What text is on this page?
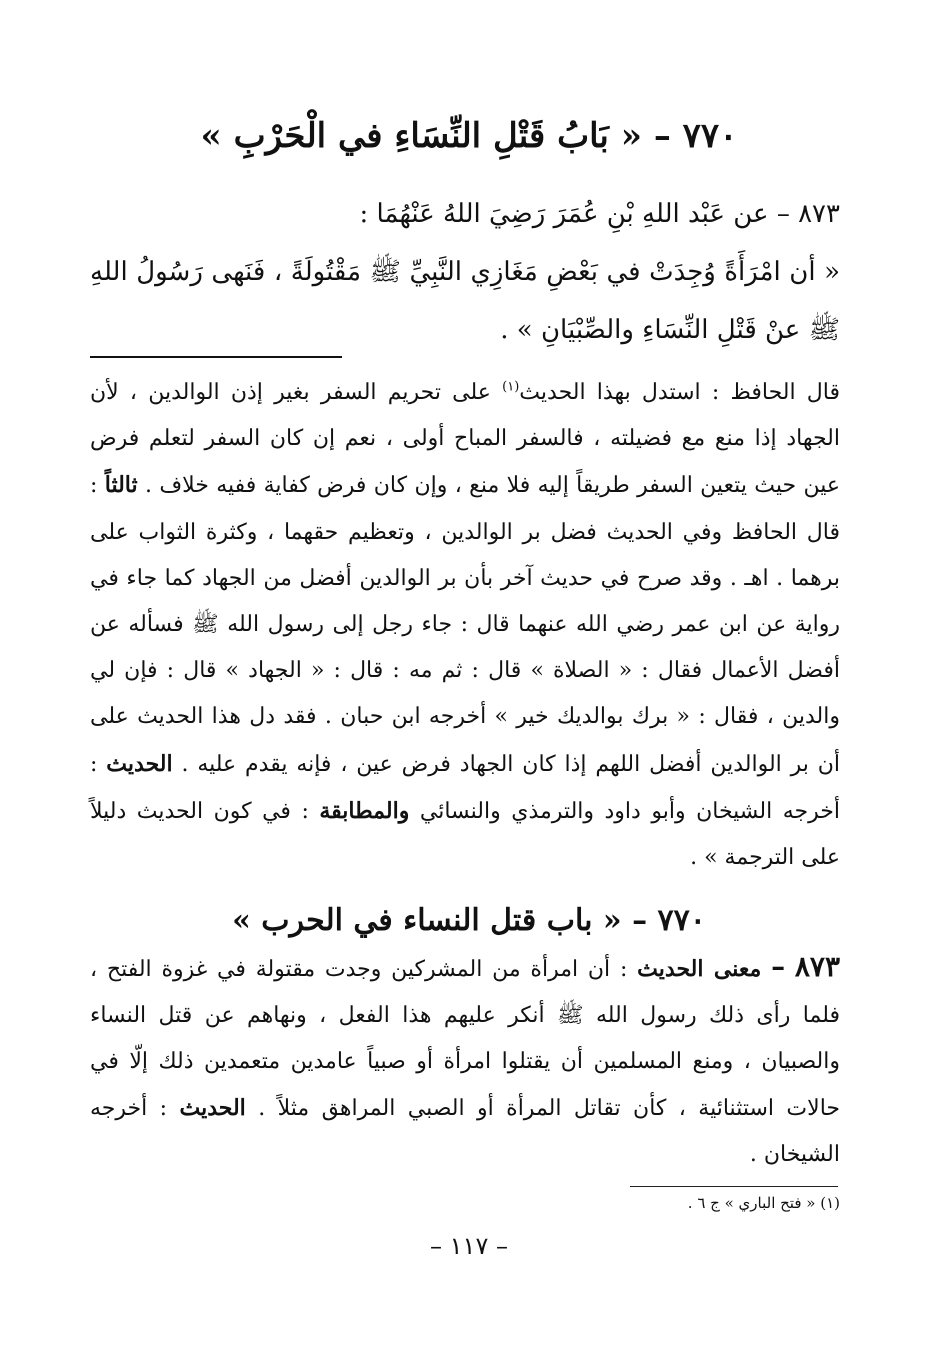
٧٧٠ – « بَابُ قَتْلِ النِّسَاءِ في الْحَرْبِ »

٨٧٣ – عن عَبْد اللهِ بْنِ عُمَرَ رَضِيَ اللهُ عَنْهُمَا :

« أن امْرَأَةً وُجِدَتْ في بَعْضِ مَغَازِي النَّبِيِّ ﷺ مَقْتُولَةً ، فَنَهى رَسُولُ اللهِ ﷺ عنْ قَتْلِ النِّسَاءِ والصِّبْيَانِ » .

قال الحافظ : استدل بهذا الحديث$^{(١)}$ على تحريم السفر بغير إذن الوالدين ، لأن الجهاد إذا منع مع فضيلته ، فالسفر المباح أولى ، نعم إن كان السفر لتعلم فرض عين حيث يتعين السفر طريقاً إليه فلا منع ، وإن كان فرض كفاية ففيه خلاف . ثالثاً : قال الحافظ وفي الحديث فضل بر الوالدين ، وتعظيم حقهما ، وكثرة الثواب على برهما . اهـ . وقد صرح في حديث آخر بأن بر الوالدين أفضل من الجهاد كما جاء في رواية عن ابن عمر رضي الله عنهما قال : جاء رجل إلى رسول الله ﷺ فسأله عن أفضل الأعمال فقال : « الصلاة » قال : ثم مه : قال : « الجهاد » قال : فإن لي والدين ، فقال : « برك بوالديك خير » أخرجه ابن حبان . فقد دل هذا الحديث على أن بر الوالدين أفضل اللهم إذا كان الجهاد فرض عين ، فإنه يقدم عليه . الحديث : أخرجه الشيخان وأبو داود والترمذي والنسائي والمطابقة : في كون الحديث دليلاً على الترجمة » .

٧٧٠ – « باب قتل النساء في الحرب »

٨٧٣ – معنى الحديث : أن امرأة من المشركين وجدت مقتولة في غزوة الفتح ، فلما رأى ذلك رسول الله ﷺ أنكر عليهم هذا الفعل ، ونهاهم عن قتل النساء والصبيان ، ومنع المسلمين أن يقتلوا امرأة أو صبياً عامدين متعمدين ذلك إلّا في حالات استثنائية ، كأن تقاتل المرأة أو الصبي المراهق مثلاً . الحديث : أخرجه الشيخان .

(١) « فتح الباري » ج ٦ .
– ١١٧ –
